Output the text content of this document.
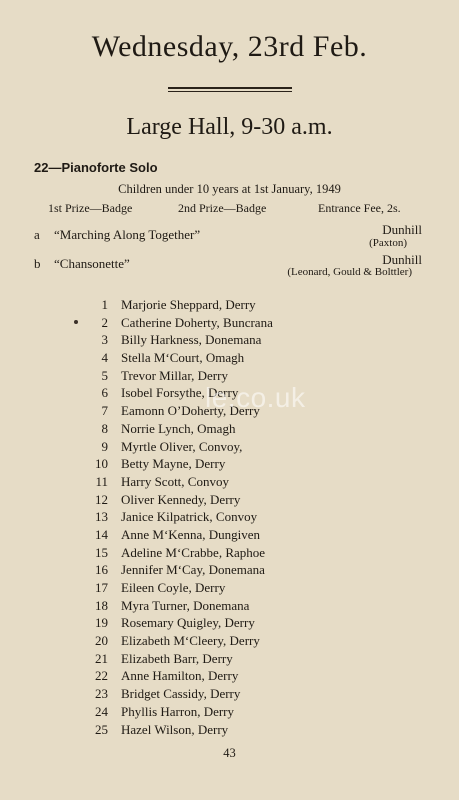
Wednesday, 23rd Feb.
Large Hall, 9-30 a.m.
22—Pianoforte Solo
Children under 10 years at 1st January, 1949
1st Prize—Badge	2nd Prize—Badge	Entrance Fee, 2s.
a “Marching Along Together”	Dunhill
(Paxton)
b “Chansonette”	Dunhill
(Leonard, Gould & Bolttler)
1 Marjorie Sheppard, Derry
2 Catherine Doherty, Buncrana
3 Billy Harkness, Donemana
4 Stella M‘Court, Omagh
5 Trevor Millar, Derry
6 Isobel Forsythe, Derry
7 Eamonn O’Doherty, Derry
8 Norrie Lynch, Omagh
9 Myrtle Oliver, Convoy,
10 Betty Mayne, Derry
11 Harry Scott, Convoy
12 Oliver Kennedy, Derry
13 Janice Kilpatrick, Convoy
14 Anne M‘Kenna, Dungiven
15 Adeline M‘Crabbe, Raphoe
16 Jennifer M‘Cay, Donemana
17 Eileen Coyle, Derry
18 Myra Turner, Donemana
19 Rosemary Quigley, Derry
20 Elizabeth M‘Cleery, Derry
21 Elizabeth Barr, Derry
22 Anne Hamilton, Derry
23 Bridget Cassidy, Derry
24 Phyllis Harron, Derry
25 Hazel Wilson, Derry
le.co.uk
43
